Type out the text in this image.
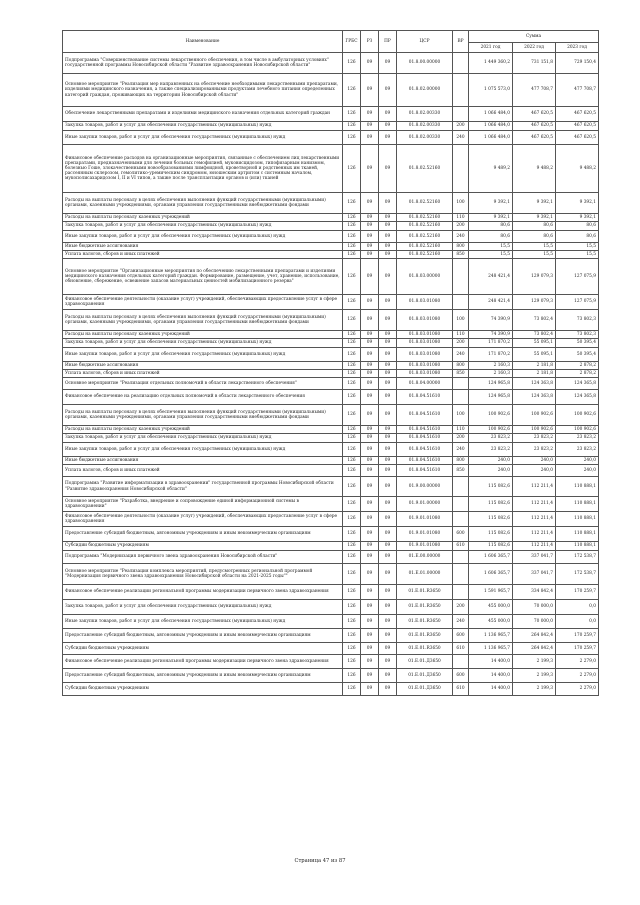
Наименование	ГРБС	РЗ	ПР	ЦСР	ВР	Сумма		
						2021 год	2022 год	2023 год
Подпрограмма "Совершенствование системы лекарственного обеспечения, в том числе в амбулаторных условиях" государственной программы Новосибирской области "Развитие здравоохранения Новосибирской области"	126	09	09	01.8.00.00000		1 449 360,2	731 151,8	729 150,4
Основное мероприятие "Реализация мер направленных на обеспечение необходимыми лекарственными препаратами, изделиями медицинского назначения, а также специализированными продуктами лечебного питания определенных категорий граждан, проживающих на территории Новосибирской области"	126	09	09	01.8.02.00000		1 075 573,0	477 708,7	477 708,7
Обеспечение лекарственными препаратами и изделиями медицинского назначения отдельных категорий граждан	126	09	09	01.8.02.00330		1 066 484,0	467 620,5	467 620,5
Закупка товаров, работ и услуг для обеспечения государственных (муниципальных) нужд	126	09	09	01.8.02.00330	200	1 066 484,0	467 620,5	467 620,5
Иные закупки товаров, работ и услуг для обеспечения государственных (муниципальных) нужд	126	09	09	01.8.02.00330	240	1 066 484,0	467 620,5	467 620,5
Финансовое обеспечение расходов на организационные мероприятия, связанные с обеспечением лиц лекарственными препаратами, предназначенными для лечения больных гемофилией, муковисцидозом, гипофизарным нанизмом, болезнью Гоше, злокачественными новообразованиями лимфоидной, кроветворной и родственных им тканей, рассеянным склерозом, гемолитико-уремическим синдромом, юношеским артритом с системным началом, мукополисахаридозом I, II и VI типов, а также после трансплантации органов и (или) тканей	126	09	09	01.8.02.52160		9 489,2	9 488,2	9 488,2
Расходы на выплаты персоналу в целях обеспечения выполнения функций государственными (муниципальными) органами, казенными учреждениями, органами управления государственными внебюджетными фондами	126	09	09	01.8.02.52160	100	9 392,1	9 392,1	9 392,1
Расходы на выплаты персоналу казенных учреждений	126	09	09	01.8.02.52160	110	9 392,1	9 392,1	9 392,1
Закупка товаров, работ и услуг для обеспечения государственных (муниципальных) нужд	126	09	09	01.8.02.52160	200	80,6	80,6	80,6
Иные закупки товаров, работ и услуг для обеспечения государственных (муниципальных) нужд	126	09	09	01.8.02.52160	240	80,6	80,6	80,6
Иные бюджетные ассигнования	126	09	09	01.8.02.52160	800	15,5	15,5	15,5
Уплата налогов, сборов и иных платежей	126	09	09	01.8.02.52160	850	15,5	15,5	15,5
Основное мероприятие "Организационные мероприятия по обеспечению лекарственными препаратами и изделиями медицинского назначения отдельных категорий граждан. Формирование, размещение, учет, хранение, использование, обновление, сбережение, освежение запасов материальных ценностей мобилизационного резерва"	126	09	09	01.8.03.00000		248 421,4	129 079,3	127 075,9
Финансовое обеспечение деятельности (оказание услуг) учреждений, обеспечивающих предоставление услуг в сфере здравоохранения	126	09	09	01.8.03.01080		248 421,4	129 079,3	127 075,9
Расходы на выплаты персоналу в целях обеспечения выполнения функций государственными (муниципальными) органами, казенными учреждениями, органами управления государственными внебюджетными фондами	126	09	09	01.8.03.01080	100	74 390,9	73 802,4	73 802,3
Расходы на выплаты персоналу казенных учреждений	126	09	09	01.8.03.01080	110	74 390,9	73 802,4	73 802,3
Закупка товаров, работ и услуг для обеспечения государственных (муниципальных) нужд	126	09	09	01.8.03.01080	200	171 870,2	55 095,1	50 395,4
Иные закупки товаров, работ и услуг для обеспечения государственных (муниципальных) нужд	126	09	09	01.8.03.01080	240	171 870,2	55 095,1	50 395,4
Иные бюджетные ассигнования	126	09	09	01.8.03.01080	800	2 160,3	2 181,8	2 878,2
Уплата налогов, сборов и иных платежей	126	09	09	01.8.03.01080	850	2 160,3	2 181,8	2 878,2
Основное мероприятие "Реализация отдельных полномочий в области лекарственного обеспечения"	126	09	09	01.8.04.00000		124 965,8	124 363,8	124 365,8
Финансовое обеспечение на реализацию отдельных полномочий в области лекарственного обеспечения	126	09	09	01.8.04.51610		124 965,8	124 363,8	124 365,8
Расходы на выплаты персоналу в целях обеспечения выполнения функций государственными (муниципальными) органами, казенными учреждениями, органами управления государственными внебюджетными фондами	126	09	09	01.8.04.51610	100	100 902,6	100 902,6	100 902,6
Расходы на выплаты персоналу казенных учреждений	126	09	09	01.8.04.51610	110	100 902,6	100 902,6	100 902,6
Закупка товаров, работ и услуг для обеспечения государственных (муниципальных) нужд	126	09	09	01.8.04.51610	200	23 823,2	23 823,2	23 823,2
Иные закупки товаров, работ и услуг для обеспечения государственных (муниципальных) нужд	126	09	09	01.8.04.51610	240	23 823,2	23 823,2	23 823,2
Иные бюджетные ассигнования	126	09	09	01.8.04.51610	800	240,0	240,0	240,0
Уплата налогов, сборов и иных платежей	126	09	09	01.8.04.51610	850	240,0	240,0	240,0
Подпрограмма "Развитие информатизации в здравоохранении" государственной программы Новосибирской области "Развитие здравоохранения Новосибирской области"	126	09	09	01.9.00.00000		115 082,6	112 211,4	110 888,1
Основное мероприятие "Разработка, внедрение и сопровождение единой информационной системы в здравоохранении"	126	09	09	01.9.01.00000		115 082,6	112 211,4	110 888,1
Финансовое обеспечение деятельности (оказание услуг) учреждений, обеспечивающих предоставление услуг в сфере здравоохранения	126	09	09	01.9.01.01080		115 082,6	112 211,4	110 888,1
Предоставление субсидий бюджетным, автономным учреждениям и иным некоммерческим организациям	126	09	09	01.9.01.01080	600	115 082,6	112 211,4	110 888,1
Субсидии бюджетным учреждениям	126	09	09	01.9.01.01080	610	115 082,6	112 211,4	110 888,1
Подпрограмма "Модернизация первичного звена здравоохранения Новосибирской области"	126	09	09	01.Е.00.00000		1 606 365,7	337 041,7	172 538,7
Основное мероприятие "Реализация комплекса мероприятий, предусмотренных региональной программой "Модернизация первичного звена здравоохранения Новосибирской области на 2021-2025 годы""	126	09	09	01.Е.01.00000		1 606 365,7	337 041,7	172 538,7
Финансовое обеспечение реализации региональной программы модернизации первичного звена здравоохранения	126	09	09	01.Е.01.R3650		1 591 965,7	334 842,4	170 259,7
Закупка товаров, работ и услуг для обеспечения государственных (муниципальных) нужд	126	09	09	01.Е.01.R3650	200	455 000,0	70 000,0	0,0
Иные закупки товаров, работ и услуг для обеспечения государственных (муниципальных) нужд	126	09	09	01.Е.01.R3650	240	455 000,0	70 000,0	0,0
Предоставление субсидий бюджетным, автономным учреждениям и иным некоммерческим организациям	126	09	09	01.Е.01.R3650	600	1 136 965,7	264 842,4	170 259,7
Субсидии бюджетным учреждениям	126	09	09	01.Е.01.R3650	610	1 136 965,7	264 842,4	170 259,7
Финансовое обеспечение реализации региональной программы модернизации первичного звена здравоохранения	126	09	09	01.Е.01.Д3650		14 400,0	2 199,3	2 279,0
Предоставление субсидий бюджетным, автономным учреждениям и иным некоммерческим организациям	126	09	09	01.Е.01.Д3650	600	14 400,0	2 199,3	2 279,0
Субсидии бюджетным учреждениям	126	09	09	01.Е.01.Д3650	610	14 400,0	2 199,3	2 279,0
Страница 47 из 87
